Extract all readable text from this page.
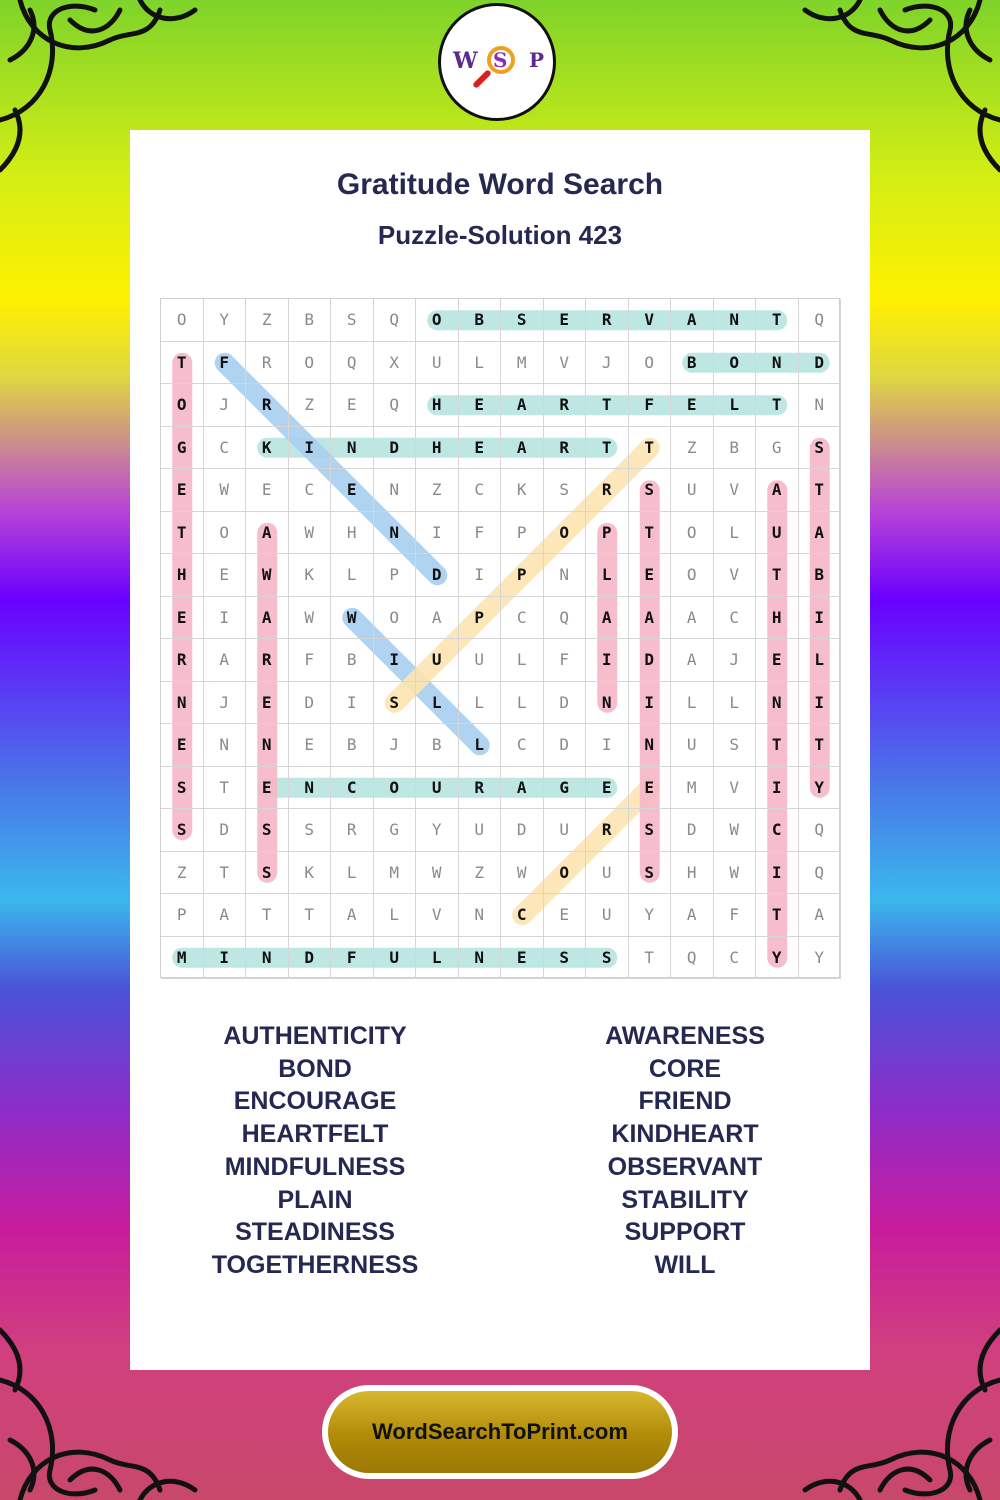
W S P
Gratitude Word Search
Puzzle-Solution 423
O	Y	Z	B	S	Q	O	B	S	E	R	V	A	N	T	Q
T	F	R	O	Q	X	U	L	M	V	J	O	B	O	N	D
O	J	R	Z	E	Q	H	E	A	R	T	F	E	L	T	N
G	C	K	I	N	D	H	E	A	R	T	T	Z	B	G	S
E	W	E	C	E	N	Z	C	K	S	R	S	U	V	A	T
T	O	A	W	H	N	I	F	P	O	P	T	O	L	U	A
H	E	W	K	L	P	D	I	P	N	L	E	O	V	T	B
E	I	A	W	W	O	A	P	C	Q	A	A	A	C	H	I
R	A	R	F	B	I	U	U	L	F	I	D	A	J	E	L
N	J	E	D	I	S	L	L	L	D	N	I	L	L	N	I
E	N	N	E	B	J	B	L	C	D	I	N	U	S	T	T
S	T	E	N	C	O	U	R	A	G	E	E	M	V	I	Y
S	D	S	S	R	G	Y	U	D	U	R	S	D	W	C	Q
Z	T	S	K	L	M	W	Z	W	O	U	S	H	W	I	Q
P	A	T	T	A	L	V	N	C	E	U	Y	A	F	T	A
M	I	N	D	F	U	L	N	E	S	S	T	Q	C	Y	Y
AUTHENTICITY
BOND
ENCOURAGE
HEARTFELT
MINDFULNESS
PLAIN
STEADINESS
TOGETHERNESS
AWARENESS
CORE
FRIEND
KINDHEART
OBSERVANT
STABILITY
SUPPORT
WILL
WordSearchToPrint.com
